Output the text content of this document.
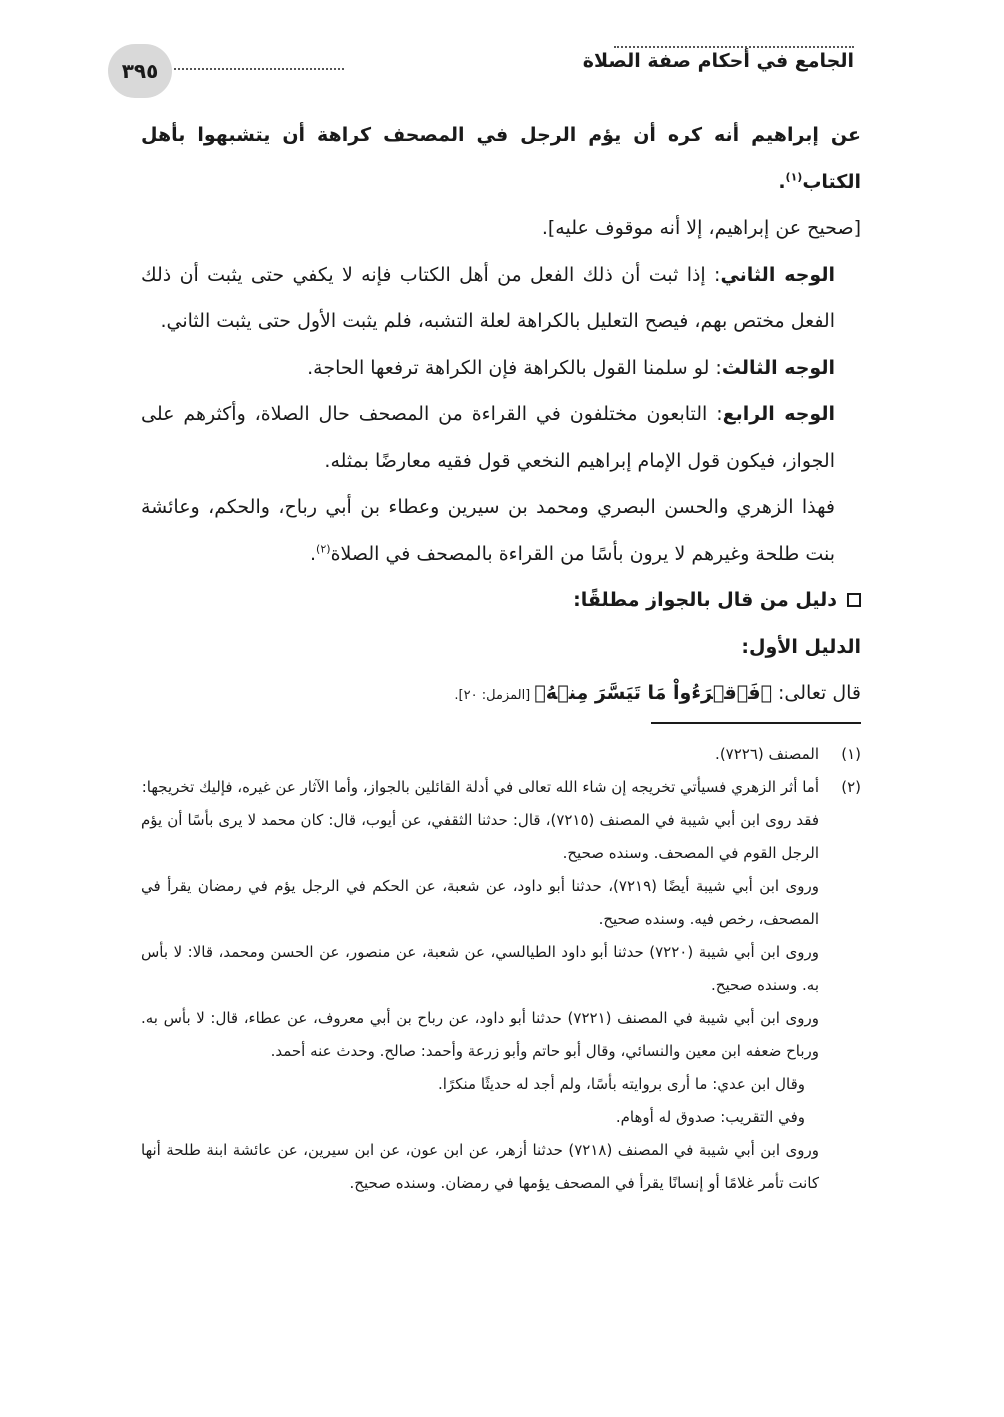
الجامع في أحكام صفة الصلاة
٣٩٥

عن إبراهيم أنه كره أن يؤم الرجل في المصحف كراهة أن يتشبهوا بأهل الكتاب$^{(١)}$.

[صحيح عن إبراهيم، إلا أنه موقوف عليه].

الوجه الثاني: إذا ثبت أن ذلك الفعل من أهل الكتاب فإنه لا يكفي حتى يثبت أن ذلك الفعل مختص بهم، فيصح التعليل بالكراهة لعلة التشبه، فلم يثبت الأول حتى يثبت الثاني.

الوجه الثالث: لو سلمنا القول بالكراهة فإن الكراهة ترفعها الحاجة.

الوجه الرابع: التابعون مختلفون في القراءة من المصحف حال الصلاة، وأكثرهم على الجواز، فيكون قول الإمام إبراهيم النخعي قول فقيه معارضًا بمثله.

فهذا الزهري والحسن البصري ومحمد بن سيرين وعطاء بن أبي رباح، والحكم، وعائشة بنت طلحة وغيرهم لا يرون بأسًا من القراءة بالمصحف في الصلاة$^{(٢)}$.

دليل من قال بالجواز مطلقًا:

الدليل الأول:

قال تعالى: ﴿فَٱقۡرَءُواْ مَا تَيَسَّرَ مِنۡهُ﴾ [المزمل: ٢٠].

(١)

المصنف (٧٢٢٦).

(٢)

أما أثر الزهري فسيأتي تخريجه إن شاء الله تعالى في أدلة القائلين بالجواز، وأما الآثار عن غيره، فإليك تخريجها:

فقد روى ابن أبي شيبة في المصنف (٧٢١٥)، قال: حدثنا الثقفي، عن أيوب، قال: كان محمد لا يرى بأسًا أن يؤم الرجل القوم في المصحف. وسنده صحيح.

وروى ابن أبي شيبة أيضًا (٧٢١٩)، حدثنا أبو داود، عن شعبة، عن الحكم في الرجل يؤم في رمضان يقرأ في المصحف، رخص فيه. وسنده صحيح.

وروى ابن أبي شيبة (٧٢٢٠) حدثنا أبو داود الطيالسي، عن شعبة، عن منصور، عن الحسن ومحمد، قالا: لا بأس به. وسنده صحيح.

وروى ابن أبي شيبة في المصنف (٧٢٢١) حدثنا أبو داود، عن رباح بن أبي معروف، عن عطاء، قال: لا بأس به. ورباح ضعفه ابن معين والنسائي، وقال أبو حاتم وأبو زرعة وأحمد: صالح. وحدث عنه أحمد.

وقال ابن عدي: ما أرى بروايته بأسًا، ولم أجد له حديثًا منكرًا.

وفي التقريب: صدوق له أوهام.

وروى ابن أبي شيبة في المصنف (٧٢١٨) حدثنا أزهر، عن ابن عون، عن ابن سيرين، عن عائشة ابنة طلحة أنها كانت تأمر غلامًا أو إنسانًا يقرأ في المصحف يؤمها في رمضان. وسنده صحيح.
